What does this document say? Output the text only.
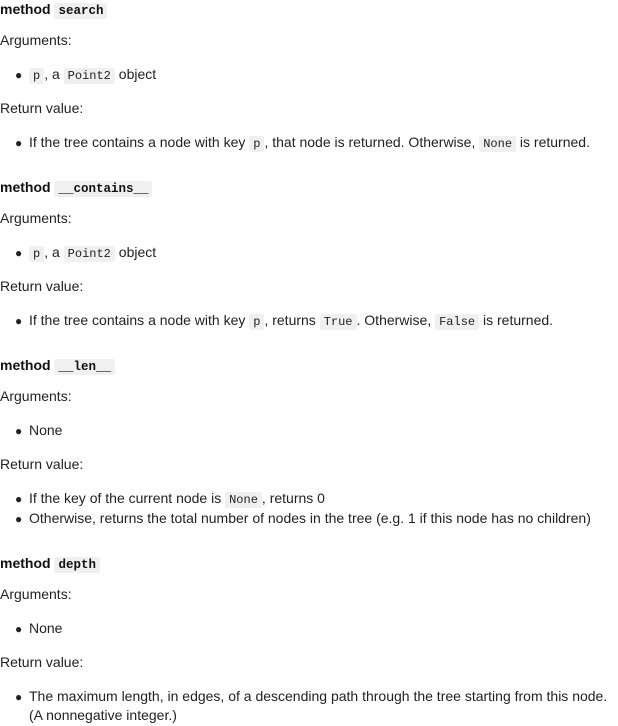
method search
Arguments:
● p , a Point2 object
Return value:
● If the tree contains a node with key p , that node is returned. Otherwise, None is returned.
method __contains__
Arguments:
● p , a Point2 object
Return value:
● If the tree contains a node with key p , returns True . Otherwise, False is returned.
method __len__
Arguments:
● None
Return value:
● If the key of the current node is None , returns 0
● Otherwise, returns the total number of nodes in the tree (e.g. 1 if this node has no children)
method depth
Arguments:
● None
Return value:
● The maximum length, in edges, of a descending path through the tree starting from this node.
(A nonnegative integer.)
